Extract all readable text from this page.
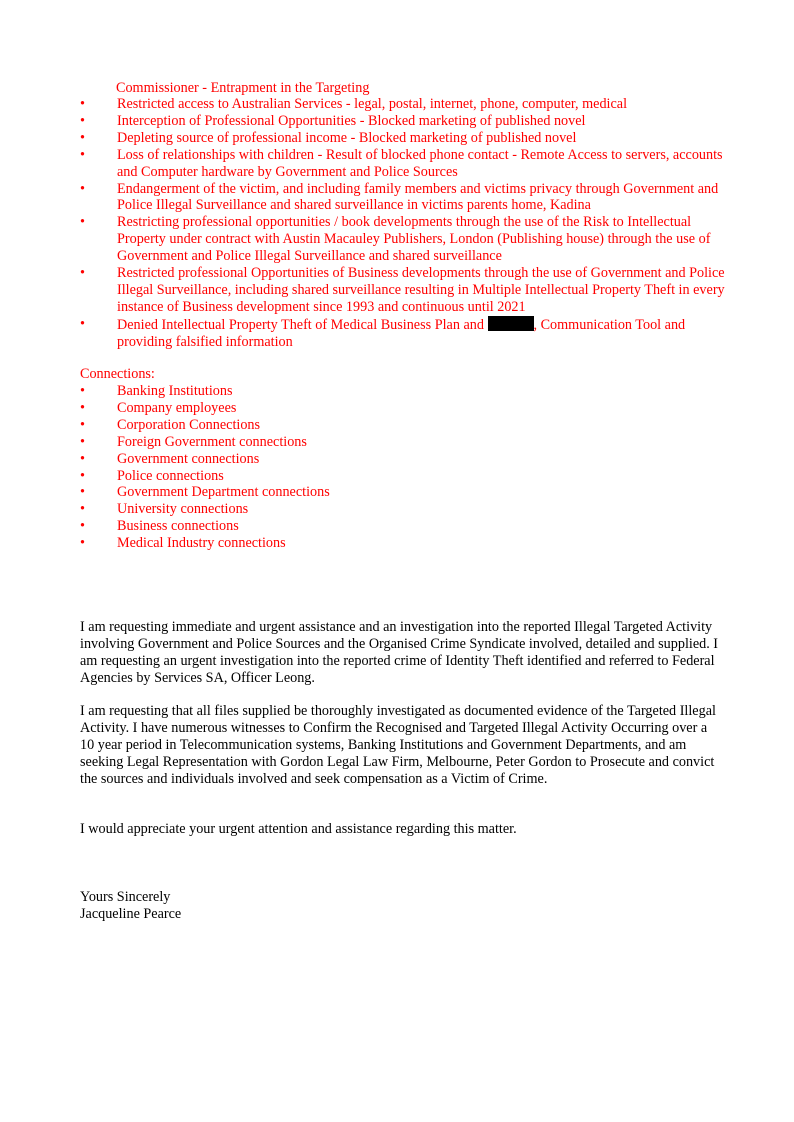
Commissioner - Entrapment in the Targeting

•	Restricted access to Australian Services - legal, postal, internet, phone, computer, medical
•	Interception of Professional Opportunities - Blocked marketing of published novel
•	Depleting source of professional income - Blocked marketing of published novel
•	Loss of relationships with children - Result of blocked phone contact - Remote Access to servers, accounts and Computer hardware by Government and Police Sources
•	Endangerment of the victim, and including family members and victims privacy through Government and Police Illegal Surveillance and shared surveillance in victims parents home, Kadina
•	Restricting professional opportunities / book developments through the use of the Risk to Intellectual Property under contract with Austin Macauley Publishers, London (Publishing house) through the use of Government and Police Illegal Surveillance and shared surveillance
•	Restricted professional Opportunities of Business developments through the use of Government and Police Illegal Surveillance, including shared surveillance resulting in Multiple Intellectual Property Theft in every instance of Business development since 1993 and continuous until 2021
•	Denied Intellectual Property Theft of Medical Business Plan and	, Communication Tool and providing falsified information

Connections:

•	Banking Institutions
•	Company employees
•	Corporation Connections
•	Foreign Government connections
•	Government connections
•	Police connections
•	Government Department connections
•	University connections
•	Business connections
•	Medical Industry connections

I am requesting immediate and urgent assistance and an investigation into the reported Illegal Targeted Activity involving Government and Police Sources and the Organised Crime Syndicate involved, detailed and supplied. I am requesting an urgent investigation into the reported crime of Identity Theft identified and referred to Federal Agencies by Services SA, Officer Leong.

I am requesting that all files supplied be thoroughly investigated as documented evidence of the Targeted Illegal Activity. I have numerous witnesses to Confirm the Recognised and Targeted Illegal Activity Occurring over a 10 year period in Telecommunication systems, Banking Institutions and Government Departments, and am seeking Legal Representation with Gordon Legal Law Firm, Melbourne, Peter Gordon to Prosecute and convict the sources and individuals involved and seek compensation as a Victim of Crime.

I would appreciate your urgent attention and assistance regarding this matter.

Yours Sincerely

Jacqueline Pearce
